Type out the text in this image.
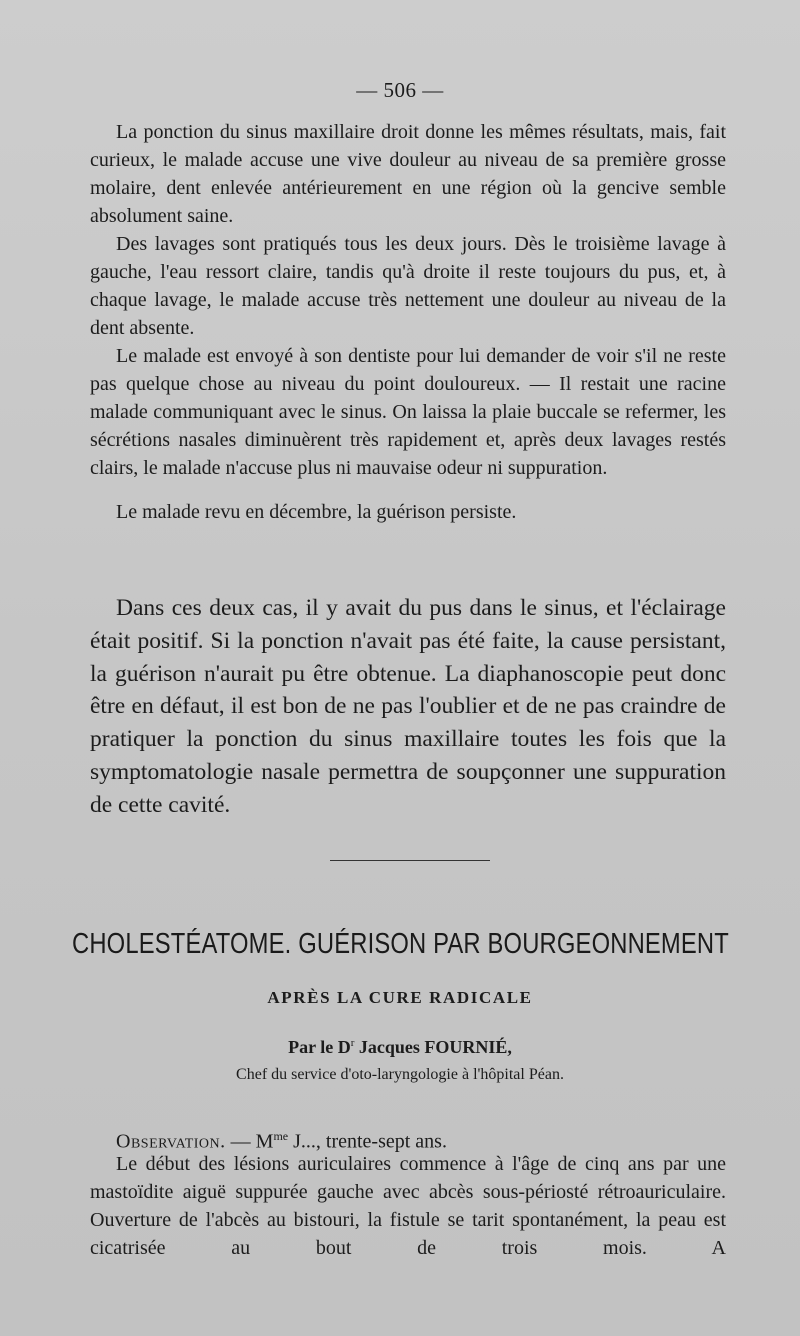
— 506 —

La ponction du sinus maxillaire droit donne les mêmes résultats, mais, fait curieux, le malade accuse une vive douleur au niveau de sa première grosse molaire, dent enlevée antérieurement en une région où la gencive semble absolument saine.

Des lavages sont pratiqués tous les deux jours. Dès le troisième lavage à gauche, l'eau ressort claire, tandis qu'à droite il reste toujours du pus, et, à chaque lavage, le malade accuse très nettement une douleur au niveau de la dent absente.

Le malade est envoyé à son dentiste pour lui demander de voir s'il ne reste pas quelque chose au niveau du point douloureux. — Il restait une racine malade communiquant avec le sinus. On laissa la plaie buccale se refermer, les sécrétions nasales diminuèrent très rapidement et, après deux lavages restés clairs, le malade n'accuse plus ni mauvaise odeur ni suppuration.

Le malade revu en décembre, la guérison persiste.

Dans ces deux cas, il y avait du pus dans le sinus, et l'éclairage était positif. Si la ponction n'avait pas été faite, la cause persistant, la guérison n'aurait pu être obtenue. La diaphanoscopie peut donc être en défaut, il est bon de ne pas l'oublier et de ne pas craindre de pratiquer la ponction du sinus maxillaire toutes les fois que la symptomatologie nasale permettra de soupçonner une suppuration de cette cavité.

CHOLESTÉATOME. GUÉRISON PAR BOURGEONNEMENT
APRÈS LA CURE RADICALE
Par le $D^r$ Jacques FOURNIÉ,
Chef du service d'oto-laryngologie à l'hôpital Péan.

Observation. — $M^{me}$ J..., trente-sept ans.

Le début des lésions auriculaires commence à l'âge de cinq ans par une mastoïdite aiguë suppurée gauche avec abcès sous-périosté rétroauriculaire. Ouverture de l'abcès au bistouri, la fistule se tarit spontanément, la peau est cicatrisée au bout de trois mois. A
